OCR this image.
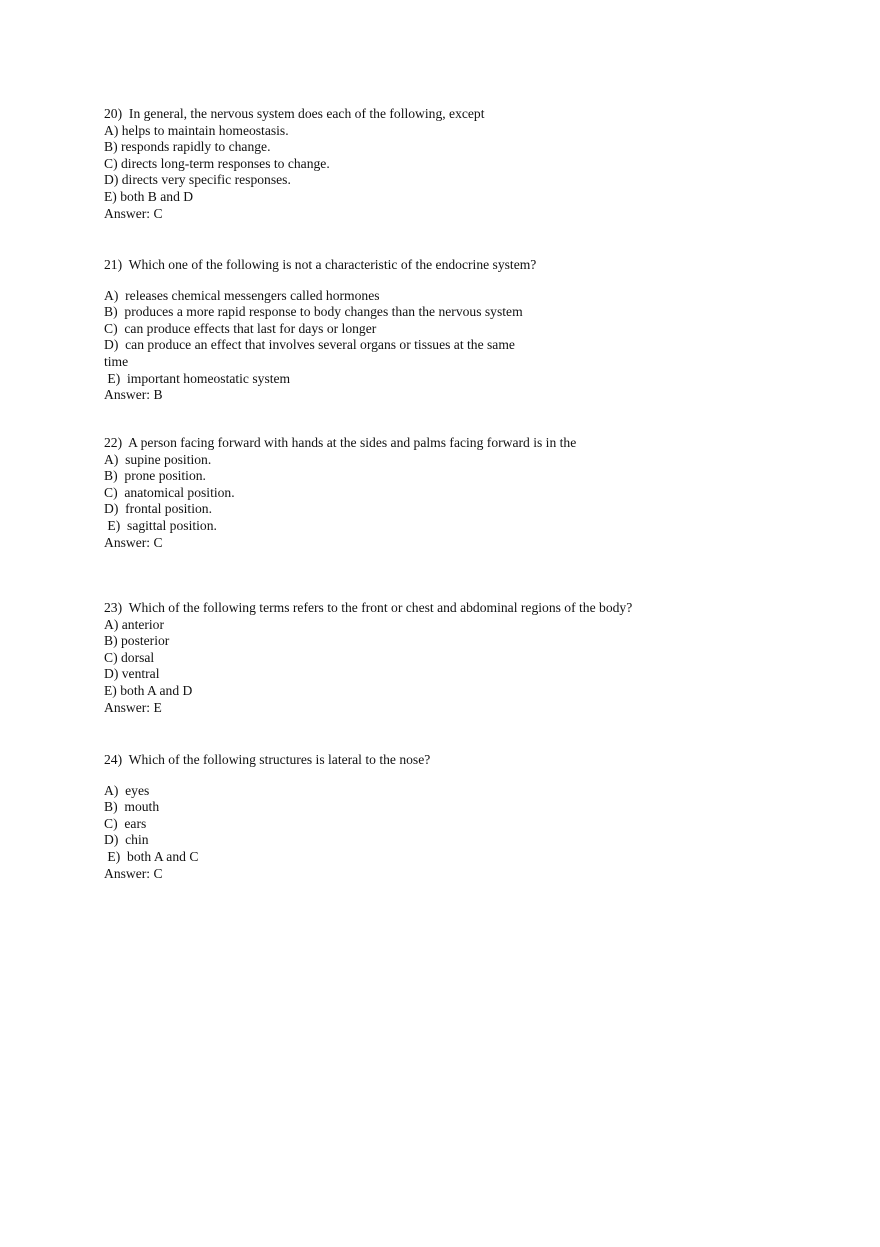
20)  In general, the nervous system does each of the following, except
A) helps to maintain homeostasis.
B) responds rapidly to change.
C) directs long-term responses to change.
D) directs very specific responses.
E) both B and D
Answer: C
21)  Which one of the following is not a characteristic of the endocrine system?
A)  releases chemical messengers called hormones
B)  produces a more rapid response to body changes than the nervous system
C)  can produce effects that last for days or longer
D)  can produce an effect that involves several organs or tissues at the same
time
E)  important homeostatic system
Answer: B
22)  A person facing forward with hands at the sides and palms facing forward is in the
A)  supine position.
B)  prone position.
C)  anatomical position.
D)  frontal position.
E)  sagittal position.
Answer: C
23)  Which of the following terms refers to the front or chest and abdominal regions of the body?
A) anterior
B) posterior
C) dorsal
D) ventral
E) both A and D
Answer: E
24)  Which of the following structures is lateral to the nose?
A)  eyes
B)  mouth
C)  ears
D)  chin
E)  both A and C
Answer: C
